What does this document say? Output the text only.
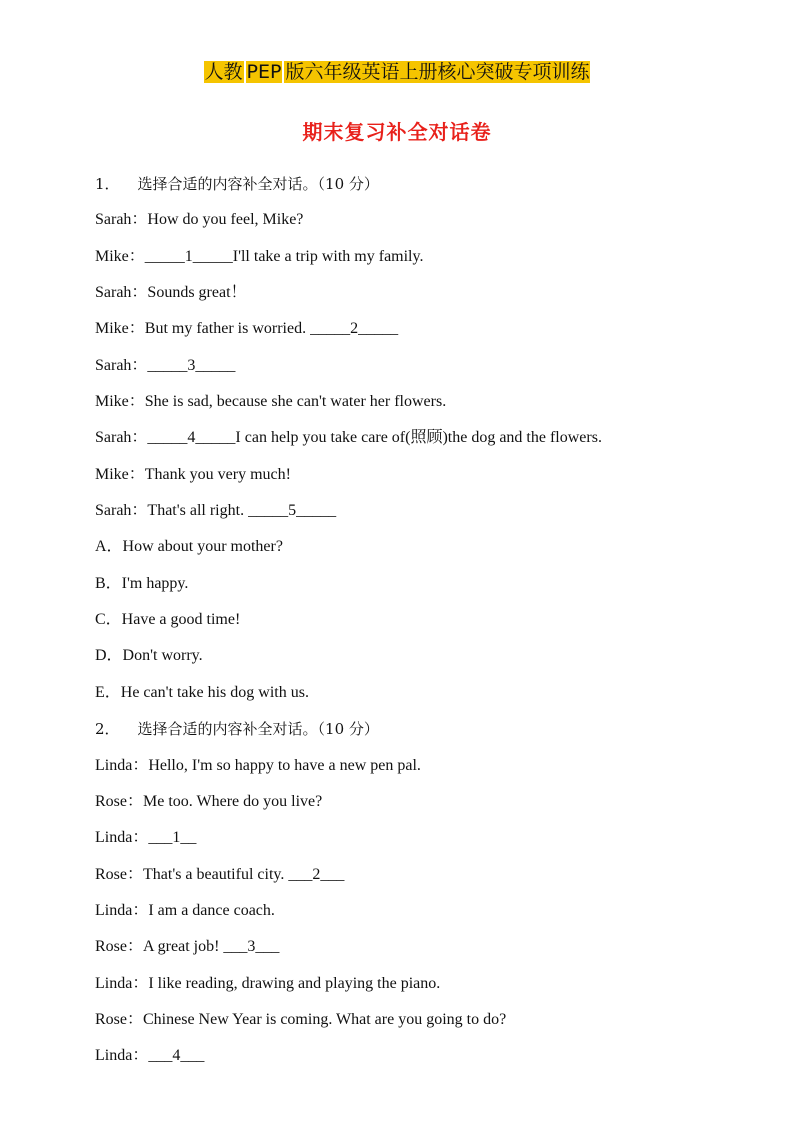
人教 PEP 版六年级英语上册核心突破专项训练
期末复习补全对话卷
1． 选择合适的内容补全对话。（10 分）
Sarah：How do you feel, Mike?
Mike：_____1_____I'll take a trip with my family.
Sarah：Sounds great！
Mike：But my father is worried. _____2_____
Sarah：_____3_____
Mike：She is sad, because she can't water her flowers.
Sarah：_____4_____I can help you take care of(照顾)the dog and the flowers.
Mike：Thank you very much!
Sarah：That's all right. _____5_____
A．How about your mother?
B．I'm happy.
C．Have a good time!
D．Don't worry.
E．He can't take his dog with us.
2． 选择合适的内容补全对话。（10 分）
Linda：Hello, I'm so happy to have a new pen pal.
Rose：Me too. Where do you live?
Linda：___1__
Rose：That's a beautiful city. ___2___
Linda：I am a dance coach.
Rose：A great job! ___3___
Linda：I like reading, drawing and playing the piano.
Rose：Chinese New Year is coming. What are you going to do?
Linda：___4___
